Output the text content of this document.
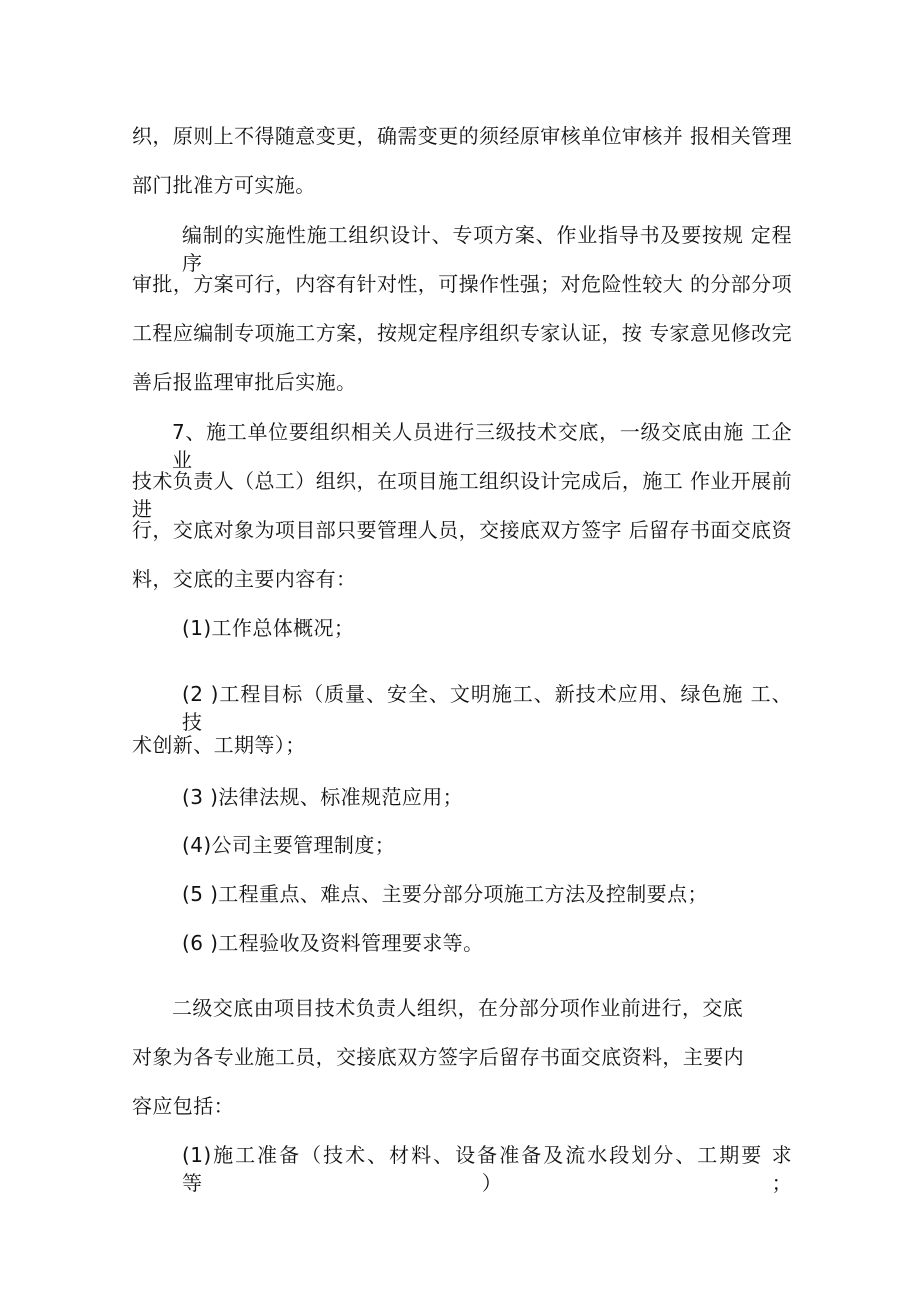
织，原则上不得随意变更，确需变更的须经原审核单位审核并 报相关管理
部门批准方可实施。
编制的实施性施工组织设计、专项方案、作业指导书及要按规 定程序
审批，方案可行，内容有针对性，可操作性强；对危险性较大 的分部分项
工程应编制专项施工方案，按规定程序组织专家认证，按 专家意见修改完
善后报监理审批后实施。
7、施工单位要组织相关人员进行三级技术交底，一级交底由施 工企业
技术负责人（总工）组织，在项目施工组织设计完成后，施工 作业开展前进
行，交底对象为项目部只要管理人员，交接底双方签字 后留存书面交底资
料，交底的主要内容有：
(1)工作总体概况；
(2 )工程目标（质量、安全、文明施工、新技术应用、绿色施 工、技
术创新、工期等）；
(3 )法律法规、标准规范应用；
(4)公司主要管理制度；
(5 )工程重点、难点、主要分部分项施工方法及控制要点；
(6 )工程验收及资料管理要求等。
二级交底由项目技术负责人组织，在分部分项作业前进行，交底
对象为各专业施工员，交接底双方签字后留存书面交底资料，主要内
容应包括：
(1)施工准备（技术、材料、设备准备及流水段划分、工期要 求等）；
